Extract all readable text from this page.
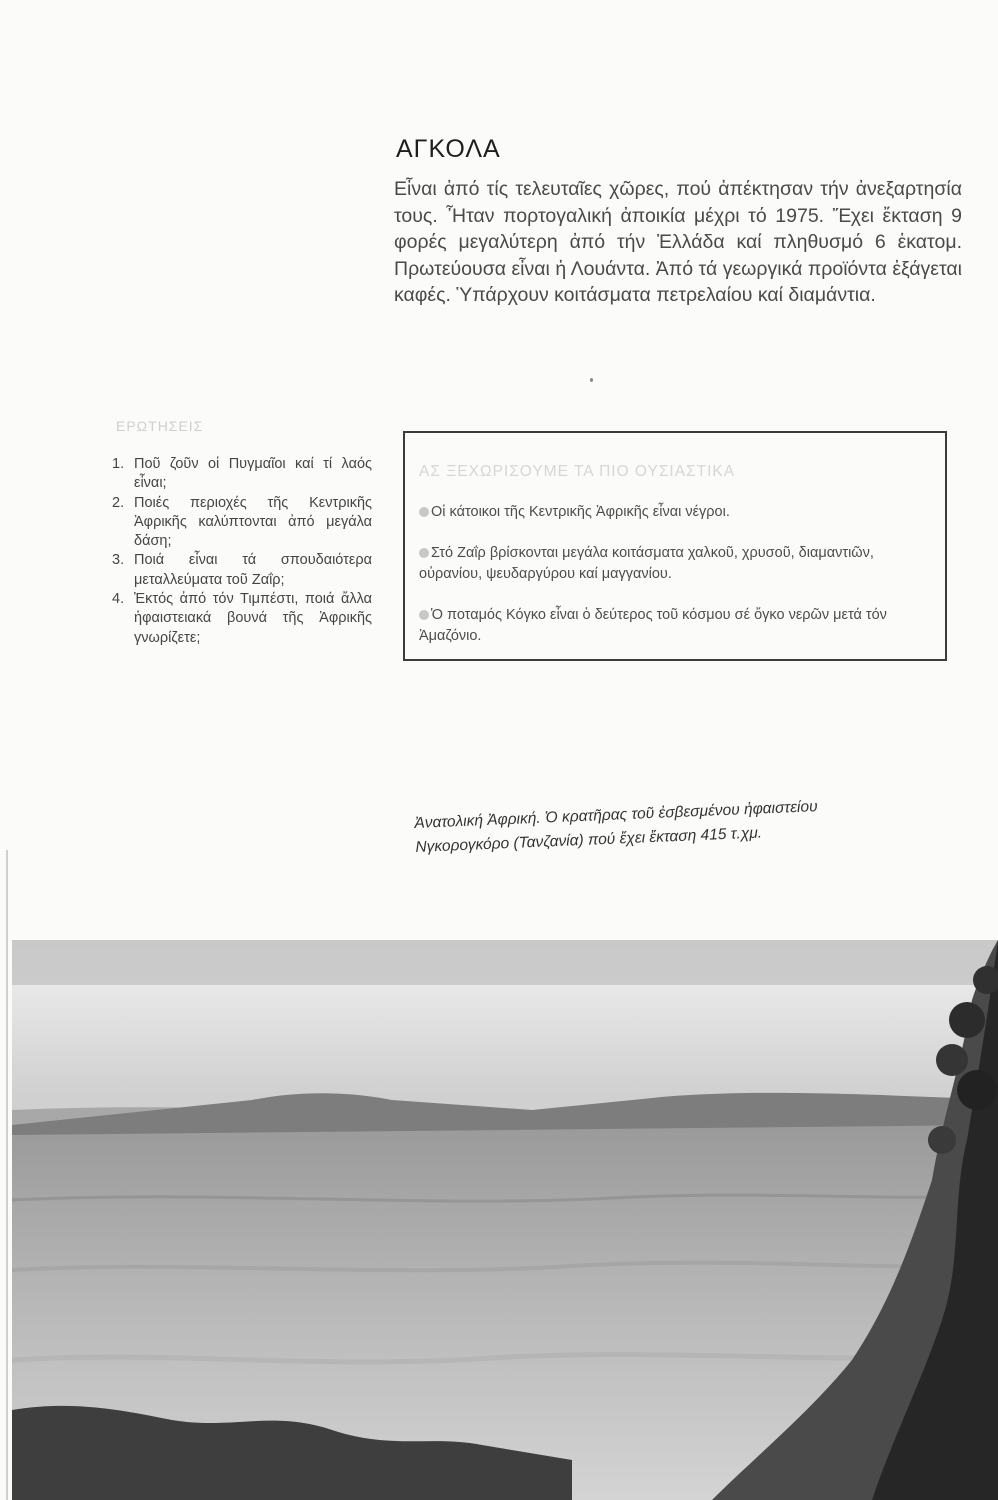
ΑΓΚΟΛΑ

Εἶναι ἀπό τίς τελευταῖες χῶρες, πού ἀπέκτησαν τήν ἀνεξαρτησία τους. Ἦταν πορτογαλική ἀποικία μέχρι τό 1975. Ἔχει ἔκταση 9 φορές μεγαλύτερη ἀπό τήν Ἑλλάδα καί πληθυσμό 6 ἑκατομ. Πρωτεύουσα εἶναι ἡ Λουάντα. Ἀπό τά γεωργικά προϊόντα ἐξάγεται καφές. Ὑπάρχουν κοιτάσματα πετρελαίου καί διαμάντια.

ΕΡΩΤΗΣΕΙΣ
1. Ποῦ ζοῦν οἱ Πυγμαῖοι καί τί λαός εἶναι;
2. Ποιές περιοχές τῆς Κεντρικῆς Ἀφρικῆς καλύπτονται ἀπό μεγάλα δάση;
3. Ποιά εἶναι τά σπουδαιότερα μεταλλεύματα τοῦ Ζαΐρ;
4. Ἐκτός ἀπό τόν Τιμπέστι, ποιά ἄλλα ἡφαιστειακά βουνά τῆς Ἀφρικῆς γνωρίζετε;
ΑΣ ΞΕΧΩΡΙΣΟΥΜΕ ΤΑ ΠΙΟ ΟΥΣΙΑΣΤΙΚΑ
Οἱ κάτοικοι τῆς Κεντρικῆς Ἀφρικῆς εἶναι νέγροι.
Στό Ζαΐρ βρίσκονται μεγάλα κοιτάσματα χαλκοῦ, χρυσοῦ, διαμαντιῶν, οὐρανίου, ψευδαργύρου καί μαγγανίου.
Ὁ ποταμός Κόγκο εἶναι ὁ δεύτερος τοῦ κόσμου σέ ὄγκο νερῶν μετά τόν Ἀμαζόνιο.
Ἀνατολική Ἀφρική. Ὁ κρατῆρας τοῦ ἐσβεσμένου ἡφαιστείου
Νγκορογκόρο (Τανζανία) πού ἔχει ἔκταση 415 τ.χμ.
